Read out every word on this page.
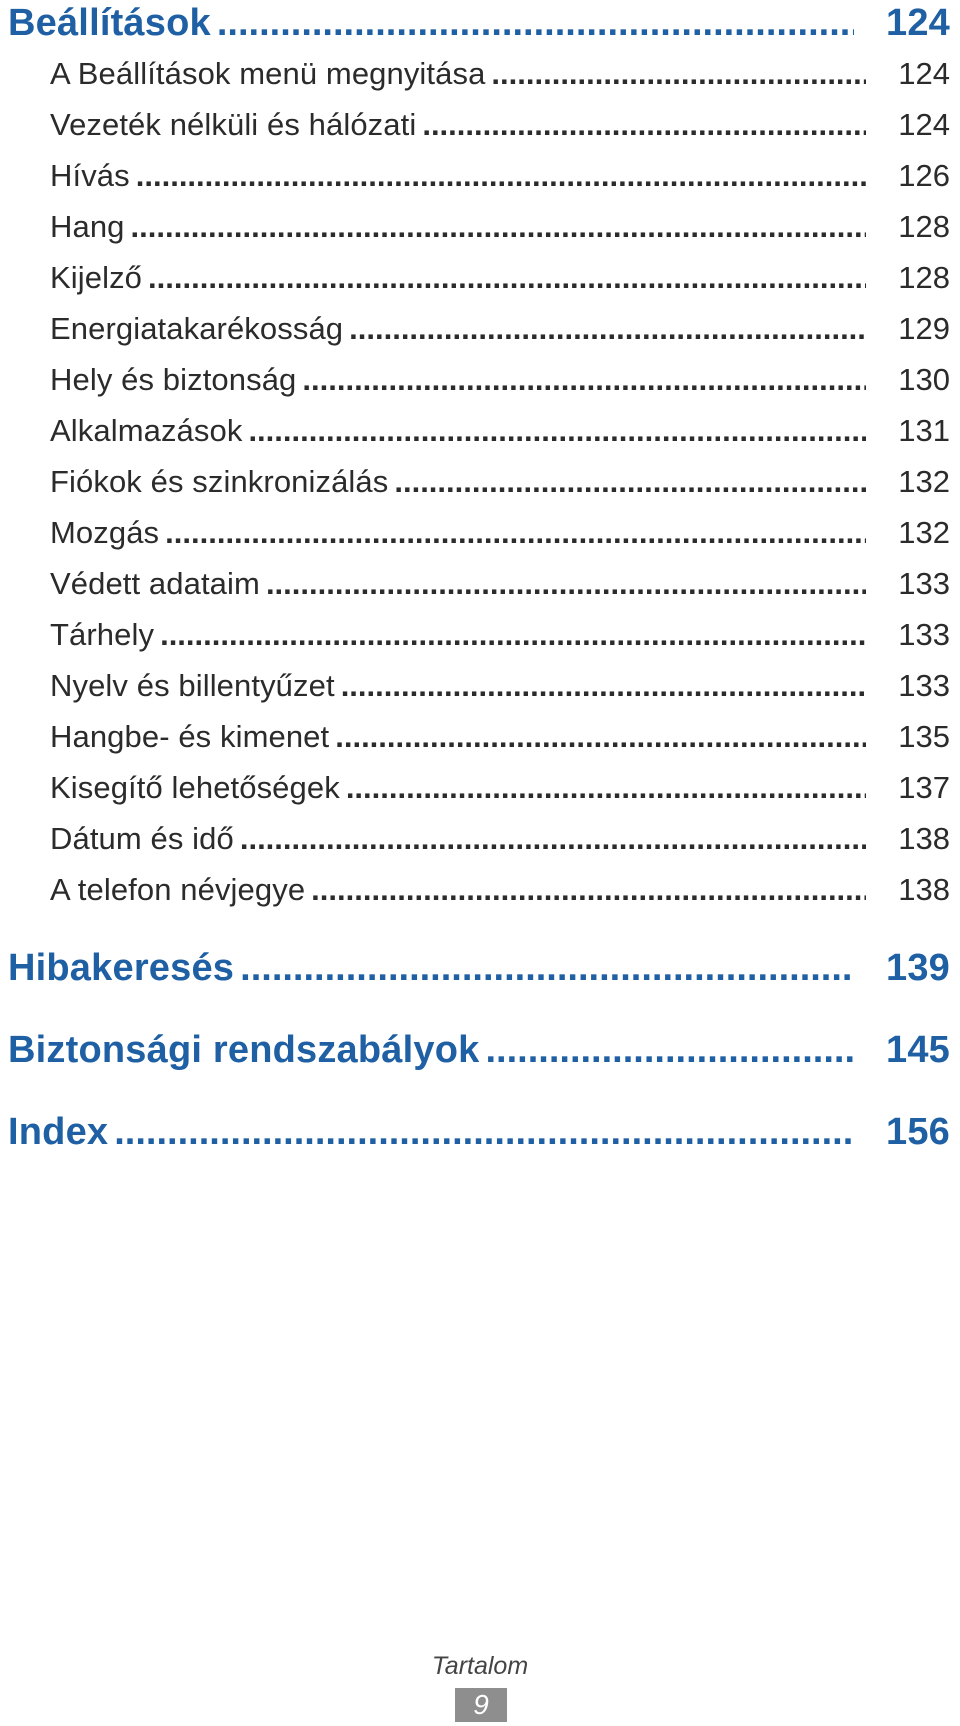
Beállítások .....	124
A Beállítások menü megnyitása .....	124
Vezeték nélküli és hálózati .....	124
Hívás .....	126
Hang .....	128
Kijelző .....	128
Energiatakarékosság .....	129
Hely és biztonság .....	130
Alkalmazások .....	131
Fiókok és szinkronizálás .....	132
Mozgás .....	132
Védett adataim .....	133
Tárhely .....	133
Nyelv és billentyűzet .....	133
Hangbe- és kimenet .....	135
Kisegítő lehetőségek .....	137
Dátum és idő .....	138
A telefon névjegye .....	138
Hibakeresés .....	139
Biztonsági rendszabályok .....	145
Index .....	156
Tartalom
9
